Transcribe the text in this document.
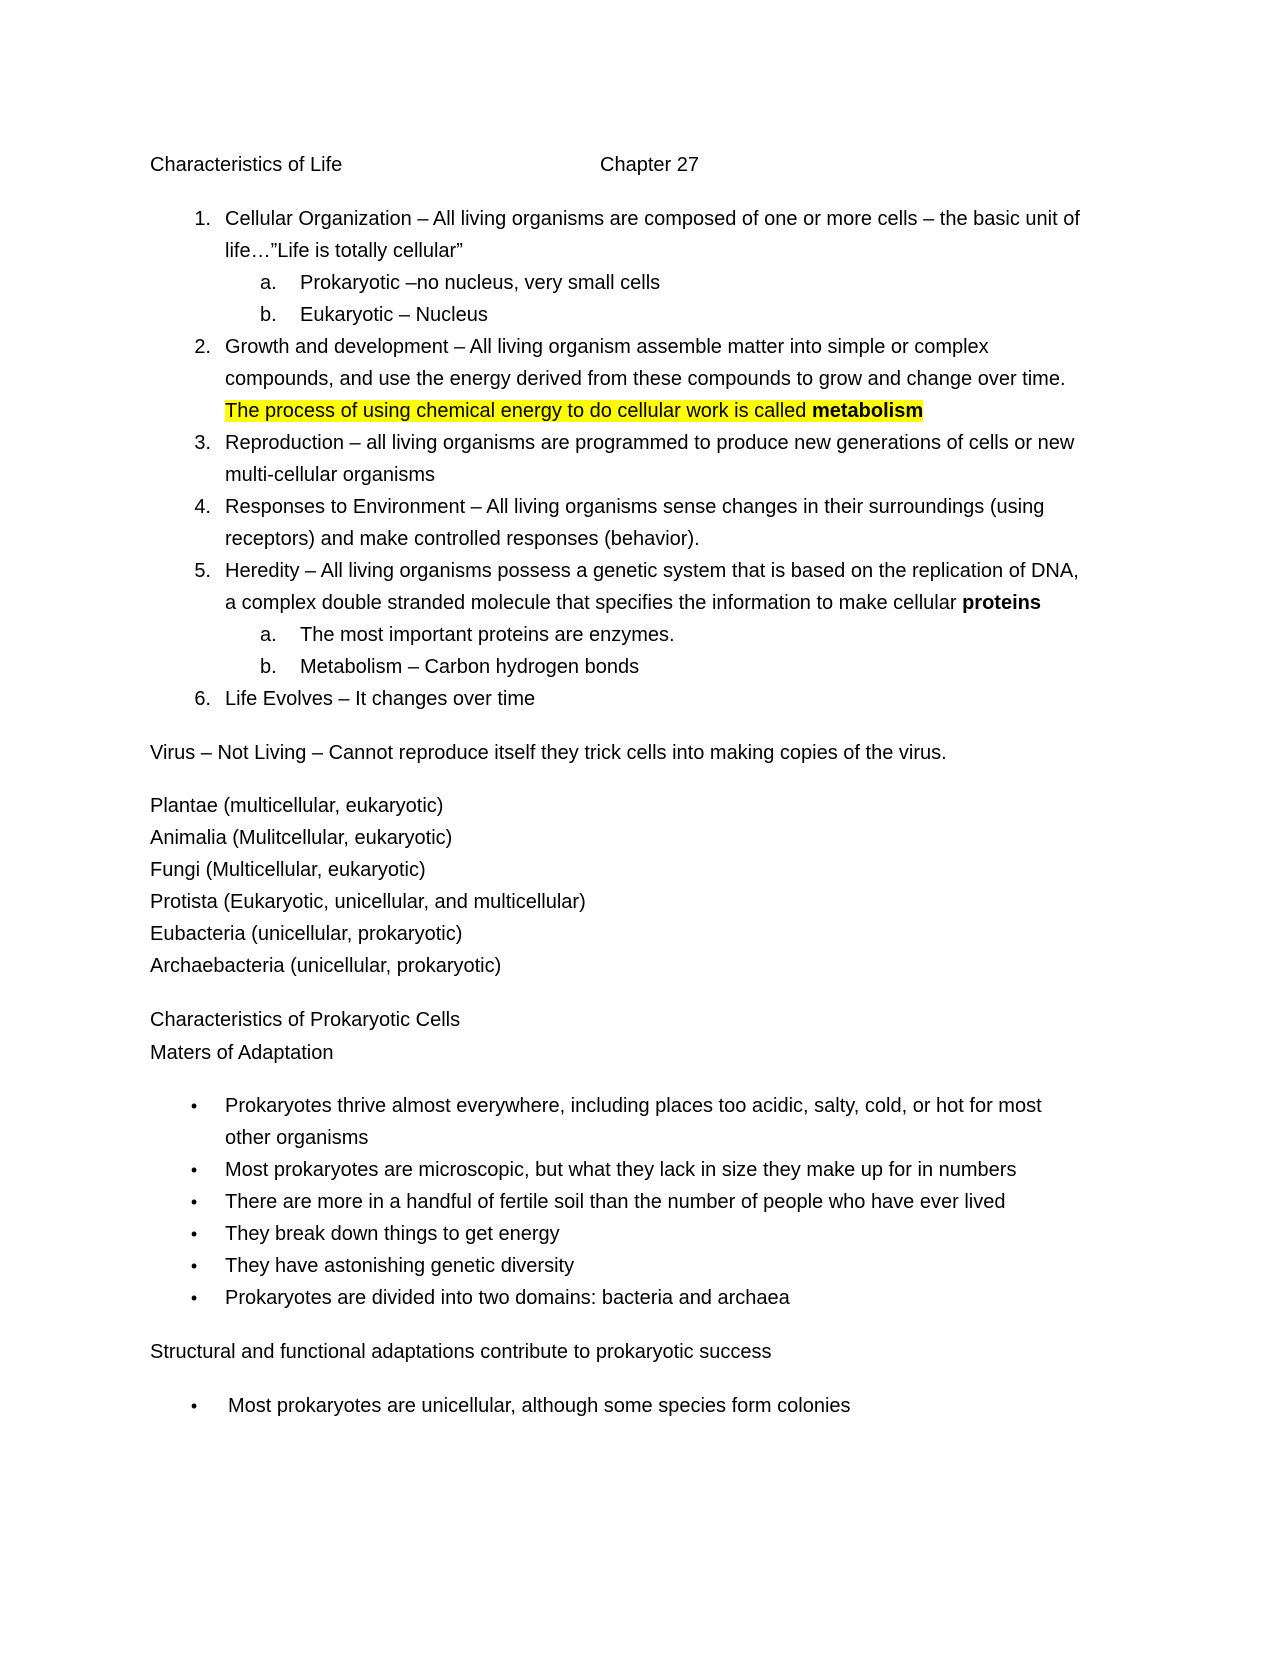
Characteristics of Life	Chapter 27
1. Cellular Organization – All living organisms are composed of one or more cells – the basic unit of
life…”Life is totally cellular”
a. Prokaryotic –no nucleus, very small cells
b. Eukaryotic – Nucleus
2. Growth and development – All living organism assemble matter into simple or complex
compounds, and use the energy derived from these compounds to grow and change over time.
The process of using chemical energy to do cellular work is called metabolism
3. Reproduction – all living organisms are programmed to produce new generations of cells or new
multi-cellular organisms
4. Responses to Environment – All living organisms sense changes in their surroundings (using
receptors) and make controlled responses (behavior).
5. Heredity – All living organisms possess a genetic system that is based on the replication of DNA,
a complex double stranded molecule that specifies the information to make cellular proteins
a. The most important proteins are enzymes.
b. Metabolism – Carbon hydrogen bonds
6. Life Evolves – It changes over time
Virus – Not Living – Cannot reproduce itself they trick cells into making copies of the virus.
Plantae (multicellular, eukaryotic)
Animalia (Mulitcellular, eukaryotic)
Fungi (Multicellular, eukaryotic)
Protista (Eukaryotic, unicellular, and multicellular)
Eubacteria (unicellular, prokaryotic)
Archaebacteria (unicellular, prokaryotic)
Characteristics of Prokaryotic Cells
Maters of Adaptation
• Prokaryotes thrive almost everywhere, including places too acidic, salty, cold, or hot for most
other organisms
• Most prokaryotes are microscopic, but what they lack in size they make up for in numbers
• There are more in a handful of fertile soil than the number of people who have ever lived
• They break down things to get energy
• They have astonishing genetic diversity
• Prokaryotes are divided into two domains: bacteria and archaea
Structural and functional adaptations contribute to prokaryotic success
• Most prokaryotes are unicellular, although some species form colonies
